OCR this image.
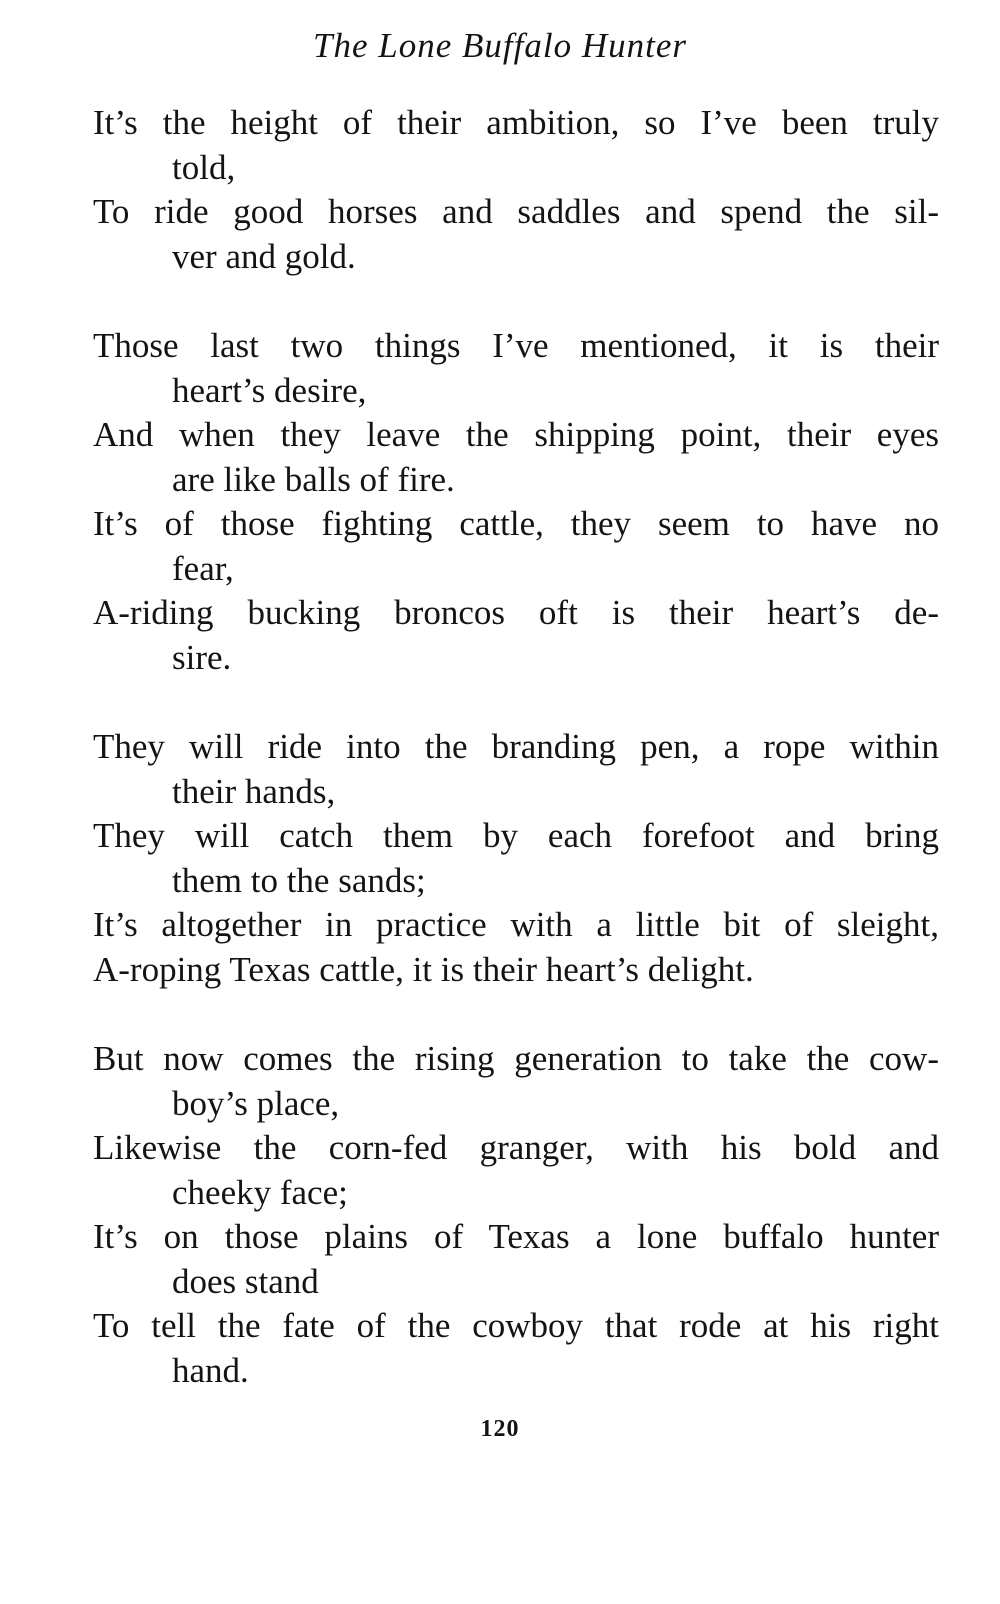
The Lone Buffalo Hunter
It’s the height of their ambition, so I’ve been truly
told,
To ride good horses and saddles and spend the sil-
ver and gold.
Those last two things I’ve mentioned, it is their
heart’s desire,
And when they leave the shipping point, their eyes
are like balls of fire.
It’s of those fighting cattle, they seem to have no
fear,
A-riding bucking broncos oft is their heart’s de-
sire.
They will ride into the branding pen, a rope within
their hands,
They will catch them by each forefoot and bring
them to the sands;
It’s altogether in practice with a little bit of sleight,
A-roping Texas cattle, it is their heart’s delight.
But now comes the rising generation to take the cow-
boy’s place,
Likewise the corn-fed granger, with his bold and
cheeky face;
It’s on those plains of Texas a lone buffalo hunter
does stand
To tell the fate of the cowboy that rode at his right
hand.
120
